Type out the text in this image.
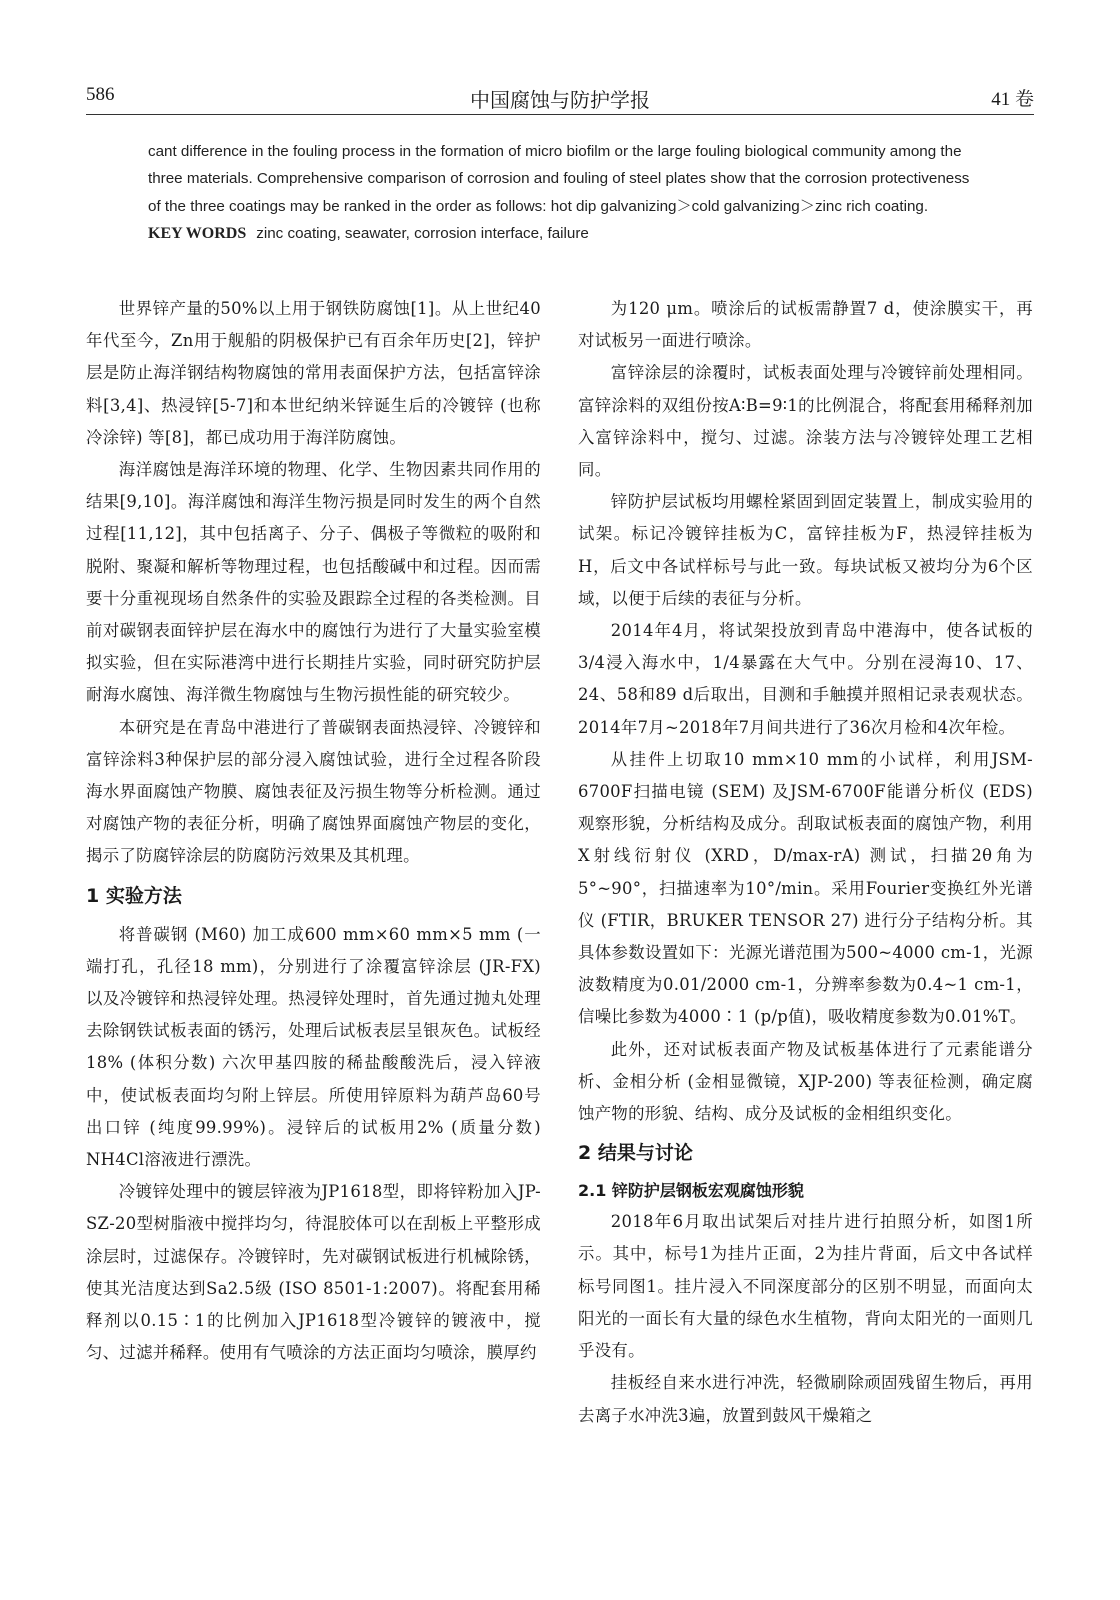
586	中国腐蚀与防护学报	41 卷

cant difference in the fouling process in the formation of micro biofilm or the large fouling biological community among the three materials. Comprehensive comparison of corrosion and fouling of steel plates show that the corrosion protectiveness of the three coatings may be ranked in the order as follows: hot dip galvanizing＞cold galvanizing＞zinc rich coating.

KEY WORDS zinc coating, seawater, corrosion interface, failure

世界锌产量的50%以上用于钢铁防腐蚀[1]。从上世纪40年代至今，Zn用于舰船的阴极保护已有百余年历史[2]，锌护层是防止海洋钢结构物腐蚀的常用表面保护方法，包括富锌涂料[3,4]、热浸锌[5-7]和本世纪纳米锌诞生后的冷镀锌 (也称冷涂锌) 等[8]，都已成功用于海洋防腐蚀。

海洋腐蚀是海洋环境的物理、化学、生物因素共同作用的结果[9,10]。海洋腐蚀和海洋生物污损是同时发生的两个自然过程[11,12]，其中包括离子、分子、偶极子等微粒的吸附和脱附、聚凝和解析等物理过程，也包括酸碱中和过程。因而需要十分重视现场自然条件的实验及跟踪全过程的各类检测。目前对碳钢表面锌护层在海水中的腐蚀行为进行了大量实验室模拟实验，但在实际港湾中进行长期挂片实验，同时研究防护层耐海水腐蚀、海洋微生物腐蚀与生物污损性能的研究较少。

本研究是在青岛中港进行了普碳钢表面热浸锌、冷镀锌和富锌涂料3种保护层的部分浸入腐蚀试验，进行全过程各阶段海水界面腐蚀产物膜、腐蚀表征及污损生物等分析检测。通过对腐蚀产物的表征分析，明确了腐蚀界面腐蚀产物层的变化，揭示了防腐锌涂层的防腐防污效果及其机理。

1 实验方法

将普碳钢 (M60) 加工成600 mm×60 mm×5 mm (一端打孔，孔径18 mm)，分别进行了涂覆富锌涂层 (JR-FX) 以及冷镀锌和热浸锌处理。热浸锌处理时，首先通过抛丸处理去除钢铁试板表面的锈污，处理后试板表层呈银灰色。试板经18% (体积分数) 六次甲基四胺的稀盐酸酸洗后，浸入锌液中，使试板表面均匀附上锌层。所使用锌原料为葫芦岛60号出口锌 (纯度99.99%)。浸锌后的试板用2% (质量分数) NH4Cl溶液进行漂洗。

冷镀锌处理中的镀层锌液为JP1618型，即将锌粉加入JP-SZ-20型树脂液中搅拌均匀，待混胶体可以在刮板上平整形成涂层时，过滤保存。冷镀锌时，先对碳钢试板进行机械除锈，使其光洁度达到Sa2.5级 (ISO 8501-1:2007)。将配套用稀释剂以0.15∶1的比例加入JP1618型冷镀锌的镀液中，搅匀、过滤并稀释。使用有气喷涂的方法正面均匀喷涂，膜厚约

为120 μm。喷涂后的试板需静置7 d，使涂膜实干，再对试板另一面进行喷涂。

富锌涂层的涂覆时，试板表面处理与冷镀锌前处理相同。富锌涂料的双组份按A∶B=9∶1的比例混合，将配套用稀释剂加入富锌涂料中，搅匀、过滤。涂装方法与冷镀锌处理工艺相同。

锌防护层试板均用螺栓紧固到固定装置上，制成实验用的试架。标记冷镀锌挂板为C，富锌挂板为F，热浸锌挂板为H，后文中各试样标号与此一致。每块试板又被均分为6个区域，以便于后续的表征与分析。

2014年4月，将试架投放到青岛中港海中，使各试板的3/4浸入海水中，1/4暴露在大气中。分别在浸海10、17、24、58和89 d后取出，目测和手触摸并照相记录表观状态。2014年7月~2018年7月间共进行了36次月检和4次年检。

从挂件上切取10 mm×10 mm的小试样，利用JSM-6700F扫描电镜 (SEM) 及JSM-6700F能谱分析仪 (EDS) 观察形貌，分析结构及成分。刮取试板表面的腐蚀产物，利用X射线衍射仪 (XRD，D/max-rA) 测试，扫描2θ角为5°~90°，扫描速率为10°/min。采用Fourier变换红外光谱仪 (FTIR，BRUKER TENSOR 27) 进行分子结构分析。其具体参数设置如下：光源光谱范围为500~4000 cm-1，光源波数精度为0.01/2000 cm-1，分辨率参数为0.4~1 cm-1，信噪比参数为4000∶1 (p/p值)，吸收精度参数为0.01%T。

此外，还对试板表面产物及试板基体进行了元素能谱分析、金相分析 (金相显微镜，XJP-200) 等表征检测，确定腐蚀产物的形貌、结构、成分及试板的金相组织变化。

2 结果与讨论
2.1 锌防护层钢板宏观腐蚀形貌

2018年6月取出试架后对挂片进行拍照分析，如图1所示。其中，标号1为挂片正面，2为挂片背面，后文中各试样标号同图1。挂片浸入不同深度部分的区别不明显，而面向太阳光的一面长有大量的绿色水生植物，背向太阳光的一面则几乎没有。

挂板经自来水进行冲洗，轻微刷除顽固残留生物后，再用去离子水冲洗3遍，放置到鼓风干燥箱之
